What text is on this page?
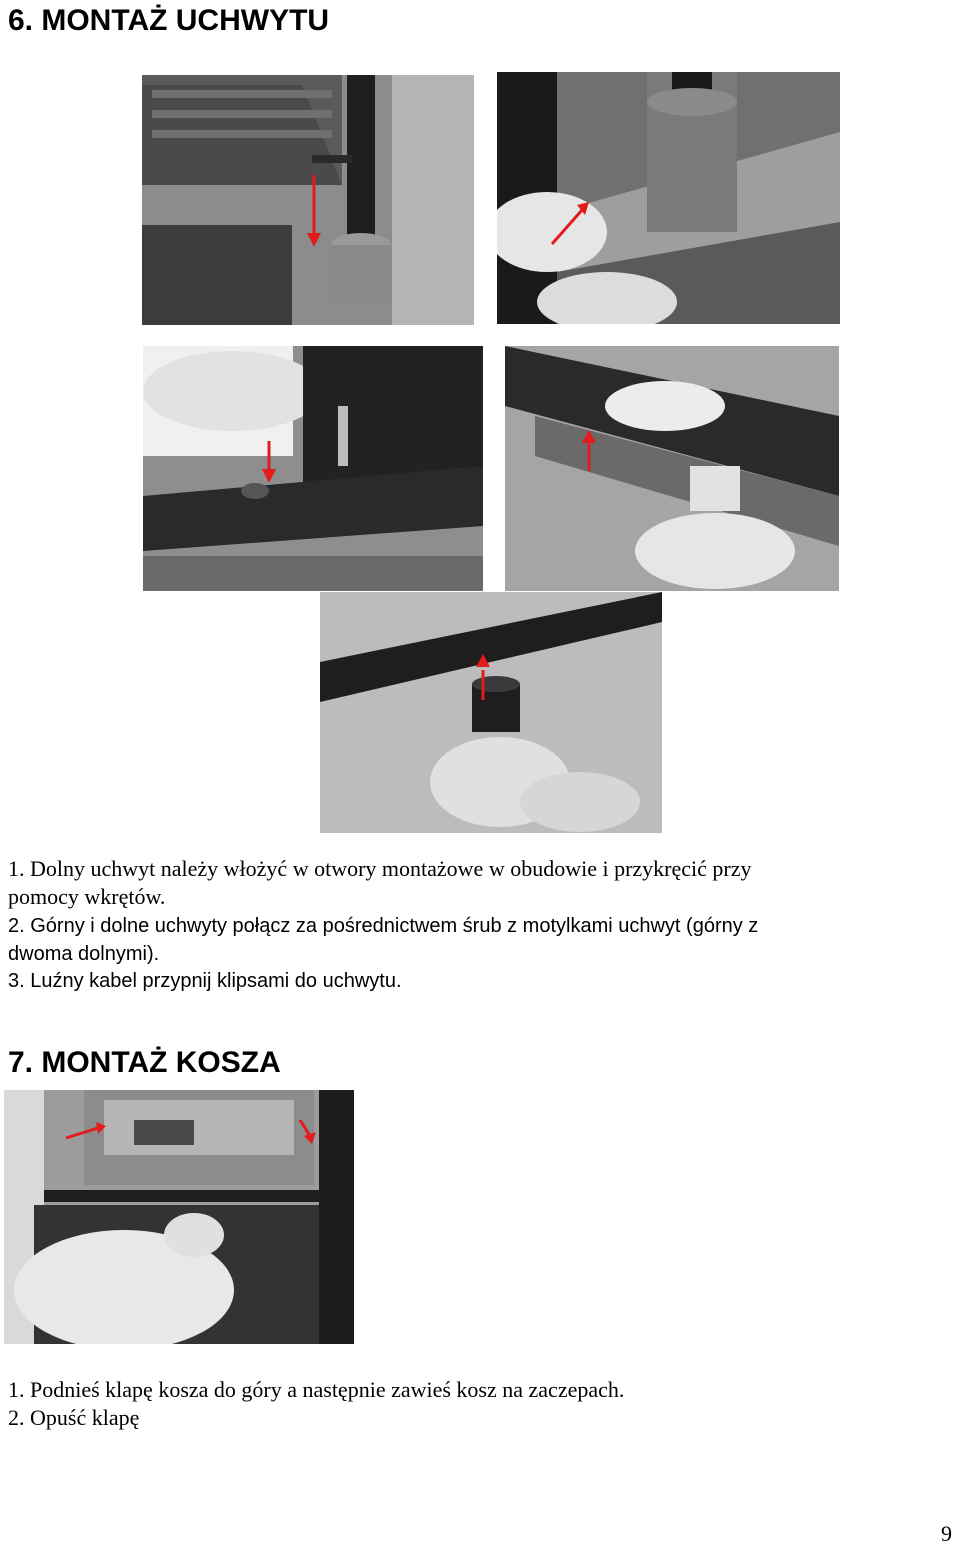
6. MONTAŻ UCHWYTU
1. Dolny uchwyt należy włożyć w otwory montażowe w obudowie i przykręcić przy
pomocy wkrętów.
2. Górny i dolne uchwyty połącz za pośrednictwem śrub z motylkami uchwyt (górny z
dwoma dolnymi).
3. Luźny kabel przypnij klipsami do uchwytu.
7. MONTAŻ KOSZA
1. Podnieś klapę kosza do góry a następnie zawieś kosz na zaczepach.
2. Opuść klapę
9
